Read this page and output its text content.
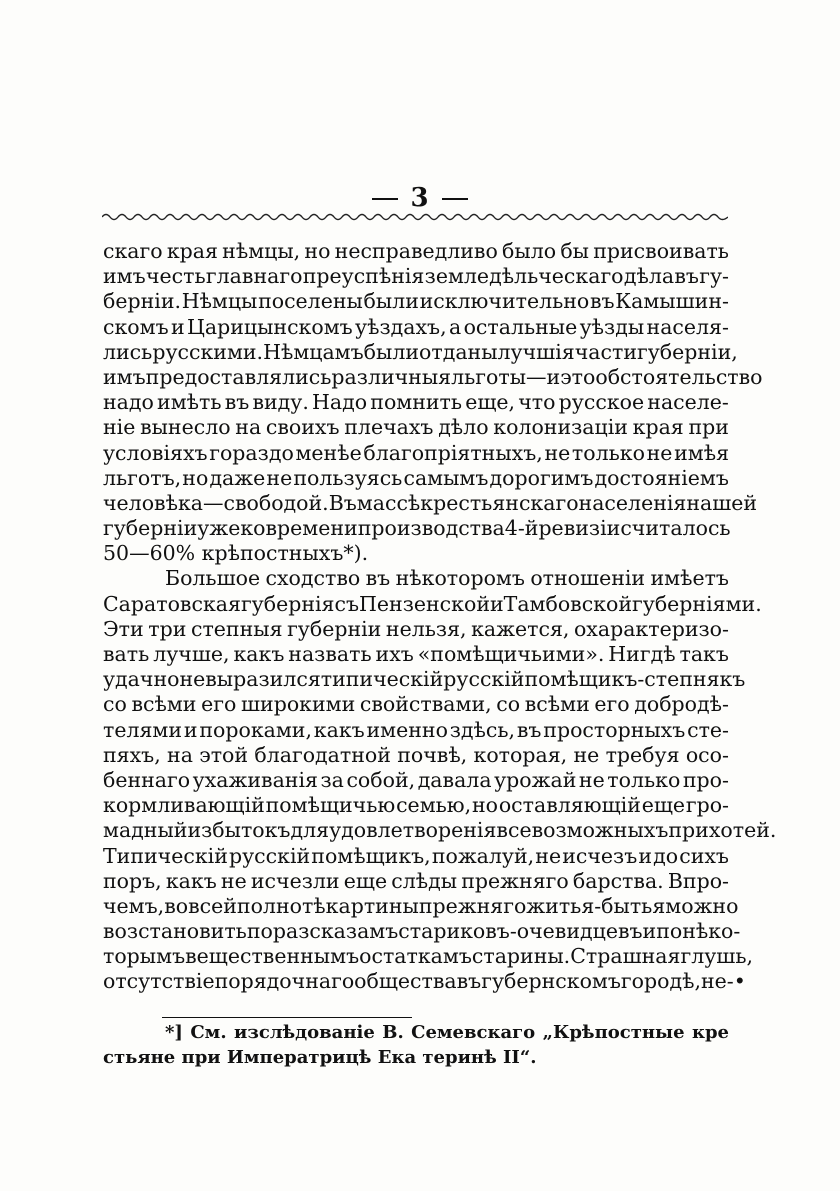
3
скаго края нѣмцы, но несправедливо было бы присвоивать
имъ честь главнаго преуспѣнія земледѣльческаго дѣла въ гу-
берніи. Нѣмцы поселены были исключительно въ Камышин-
скомъ и Царицынскомъ уѣздахъ, а остальные уѣзды населя-
лись русскими. Нѣмцамъ были отданы лучшія части губерніи,
имъ предоставлялись различныя льготы—и это обстоятельство
надо имѣть въ виду. Надо помнить еще, что русское населе-
ніе вынесло на своихъ плечахъ дѣло колонизаціи края при
условіяхъ гораздо менѣе благопріятныхъ, не только не имѣя
льготъ, но даже не пользуясь самымъ дорогимъ достояніемъ
человѣка—свободой. Въ массѣ крестьянскаго населенія нашей
губерніи уже ко времени производства 4-й ревизіи считалось
50—60% крѣпостныхъ*).
Большое сходство въ нѣкоторомъ отношеніи имѣетъ
Саратовская губернія съ Пензенской и Тамбовской губерніями.
Эти три степныя губерніи нельзя, кажется, охарактеризо-
вать лучше, какъ назвать ихъ «помѣщичьими». Нигдѣ такъ
удачно не выразился типическій русскій помѣщикъ-степнякъ
со всѣми его широкими свойствами, со всѣми его добродѣ-
телями и пороками, какъ именно здѣсь, въ просторныхъ сте-
пяхъ, на этой благодатной почвѣ, которая, не требуя осо-
беннаго ухаживанія за собой, давала урожай не только про-
кормливающій помѣщичью семью, но оставляющій еще гро-
мадный избытокъ для удовлетворенія всевозможныхъ прихотей.
Типическій русскій помѣщикъ, пожалуй, не исчезъ и до сихъ
поръ, какъ не исчезли еще слѣды прежняго барства. Впро-
чемъ, во всей полнотѣ картины прежняго житья-бытья можно
возстановить по разсказамъ стариковъ-очевидцевъ и по нѣко-
торымъ вещественнымъ остаткамъ старины. Страшная глушь,
отсутствіе порядочнаго общества въ губернскомъ городѣ, не-•
*] См. изслѣдованіе В. Семевскаго „Крѣпостные кре
стьяне при Императрицѣ Ека теринѣ II“.
